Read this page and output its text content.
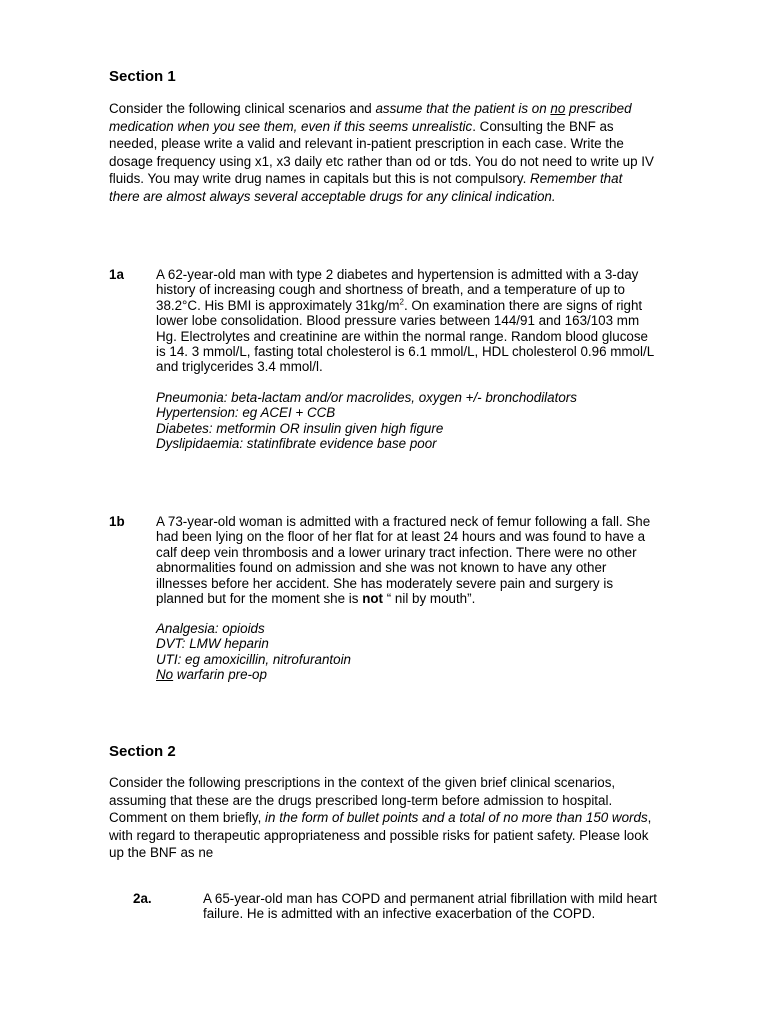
Section 1
Consider the following clinical scenarios and assume that the patient is on no prescribed medication when you see them, even if this seems unrealistic. Consulting the BNF as needed, please write a valid and relevant in-patient prescription in each case. Write the dosage frequency using x1, x3 daily etc rather than od or tds. You do not need to write up IV fluids. You may write drug names in capitals but this is not compulsory. Remember that there are almost always several acceptable drugs for any clinical indication.
1a A 62-year-old man with type 2 diabetes and hypertension is admitted with a 3-day history of increasing cough and shortness of breath, and a temperature of up to 38.2°C. His BMI is approximately $31kg/m^2$. On examination there are signs of right lower lobe consolidation. Blood pressure varies between 144/91 and 163/103 mm Hg. Electrolytes and creatinine are within the normal range. Random blood glucose is 14. 3 mmol/L, fasting total cholesterol is 6.1 mmol/L, HDL cholesterol 0.96 mmol/L and triglycerides 3.4 mmol/l.
Pneumonia: beta-lactam and/or macrolides, oxygen +/- bronchodilators
Hypertension: eg ACEI + CCB
Diabetes: metformin OR insulin given high figure
Dyslipidaemia: statinfibrate evidence base poor
1b A 73-year-old woman is admitted with a fractured neck of femur following a fall. She had been lying on the floor of her flat for at least 24 hours and was found to have a calf deep vein thrombosis and a lower urinary tract infection. There were no other abnormalities found on admission and she was not known to have any other illnesses before her accident. She has moderately severe pain and surgery is planned but for the moment she is not “ nil by mouth”.
Analgesia: opioids
DVT: LMW heparin
UTI: eg amoxicillin, nitrofurantoin
No warfarin pre-op
Section 2
Consider the following prescriptions in the context of the given brief clinical scenarios, assuming that these are the drugs prescribed long-term before admission to hospital. Comment on them briefly, in the form of bullet points and a total of no more than 150 words, with regard to therapeutic appropriateness and possible risks for patient safety. Please look up the BNF as ne
2a.	A 65-year-old man has COPD and permanent atrial fibrillation with mild heart failure. He is admitted with an infective exacerbation of the COPD.
